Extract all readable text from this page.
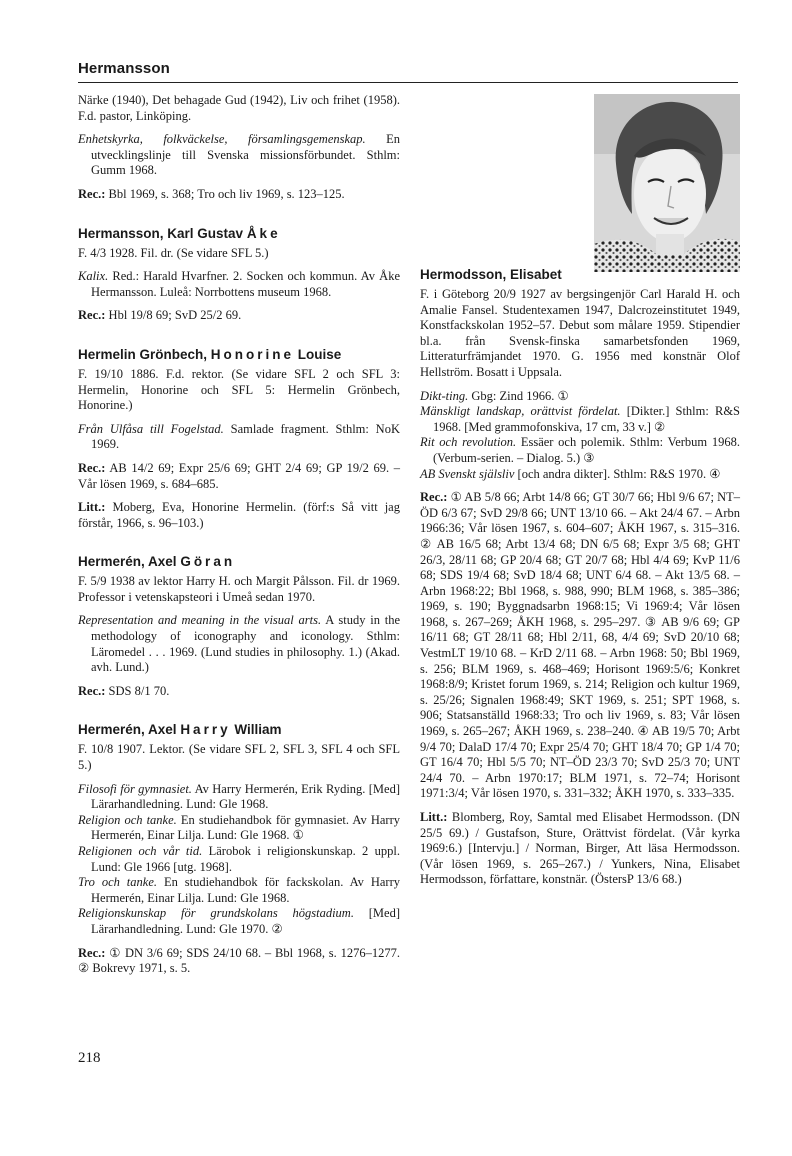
Hermansson

Närke (1940), Det behagade Gud (1942), Liv och frihet (1958). F.d. pastor, Linköping.

Enhetskyrka, folkväckelse, församlingsgemenskap. En utvecklingslinje till Svenska missionsförbundet. Sthlm: Gumm 1968.

Rec.: Bbl 1969, s. 368; Tro och liv 1969, s. 123–125.

Hermansson, Karl Gustav Åke

F. 4/3 1928. Fil. dr. (Se vidare SFL 5.)

Kalix. Red.: Harald Hvarfner. 2. Socken och kommun. Av Åke Hermansson. Luleå: Norrbottens museum 1968.

Rec.: Hbl 19/8 69; SvD 25/2 69.

Hermelin Grönbech, Honorine Louise

F. 19/10 1886. F.d. rektor. (Se vidare SFL 2 och SFL 3: Hermelin, Honorine och SFL 5: Hermelin Grönbech, Honorine.)

Från Ulfåsa till Fogelstad. Samlade fragment. Sthlm: NoK 1969.

Rec.: AB 14/2 69; Expr 25/6 69; GHT 2/4 69; GP 19/2 69. – Vår lösen 1969, s. 684–685.

Litt.: Moberg, Eva, Honorine Hermelin. (förf:s Så vitt jag förstår, 1966, s. 96–103.)

Hermerén, Axel Göran

F. 5/9 1938 av lektor Harry H. och Margit Pålsson. Fil. dr 1969. Professor i vetenskapsteori i Umeå sedan 1970.

Representation and meaning in the visual arts. A study in the methodology of iconography and iconology. Sthlm: Läromedel . . . 1969. (Lund studies in philosophy. 1.) (Akad. avh. Lund.)

Rec.: SDS 8/1 70.

Hermerén, Axel Harry William

F. 10/8 1907. Lektor. (Se vidare SFL 2, SFL 3, SFL 4 och SFL 5.)

Filosofi för gymnasiet. Av Harry Hermerén, Erik Ryding. [Med] Lärarhandledning. Lund: Gle 1968.

Religion och tanke. En studiehandbok för gymnasiet. Av Harry Hermerén, Einar Lilja. Lund: Gle 1968. ①

Religionen och vår tid. Lärobok i religionskunskap. 2 uppl. Lund: Gle 1966 [utg. 1968].

Tro och tanke. En studiehandbok för fackskolan. Av Harry Hermerén, Einar Lilja. Lund: Gle 1968.

Religionskunskap för grundskolans högstadium. [Med] Lärarhandledning. Lund: Gle 1970. ②

Rec.: ① DN 3/6 69; SDS 24/10 68. – Bbl 1968, s. 1276–1277. ② Bokrevy 1971, s. 5.

Hermodsson, Elisabet

F. i Göteborg 20/9 1927 av bergsingenjör Carl Harald H. och Amalie Fansel. Studentexamen 1947, Dalcrozeinstitutet 1949, Konstfackskolan 1952–57. Debut som målare 1959. Stipendier bl.a. från Svensk-finska samarbetsfonden 1969, Litteraturfrämjandet 1970. G. 1956 med konstnär Olof Hellström. Bosatt i Uppsala.

Dikt-ting. Gbg: Zind 1966. ①

Mänskligt landskap, orättvist fördelat. [Dikter.] Sthlm: R&S 1968. [Med grammofonskiva, 17 cm, 33 v.] ②

Rit och revolution. Essäer och polemik. Sthlm: Verbum 1968. (Verbum-serien. – Dialog. 5.) ③

AB Svenskt själsliv [och andra dikter]. Sthlm: R&S 1970. ④

Rec.: ① AB 5/8 66; Arbt 14/8 66; GT 30/7 66; Hbl 9/6 67; NT–ÖD 6/3 67; SvD 29/8 66; UNT 13/10 66. – Akt 24/4 67. – Arbn 1966:36; Vår lösen 1967, s. 604–607; ÅKH 1967, s. 315–316. ② AB 16/5 68; Arbt 13/4 68; DN 6/5 68; Expr 3/5 68; GHT 26/3, 28/11 68; GP 20/4 68; GT 20/7 68; Hbl 4/4 69; KvP 11/6 68; SDS 19/4 68; SvD 18/4 68; UNT 6/4 68. – Akt 13/5 68. – Arbn 1968:22; Bbl 1968, s. 988, 990; BLM 1968, s. 385–386; 1969, s. 190; Byggnadsarbn 1968:15; Vi 1969:4; Vår lösen 1968, s. 267–269; ÅKH 1968, s. 295–297. ③ AB 9/6 69; GP 16/11 68; GT 28/11 68; Hbl 2/11, 68, 4/4 69; SvD 20/10 68; VestmLT 19/10 68. – KrD 2/11 68. – Arbn 1968: 50; Bbl 1969, s. 256; BLM 1969, s. 468–469; Horisont 1969:5/6; Konkret 1968:8/9; Kristet forum 1969, s. 214; Religion och kultur 1969, s. 25/26; Signalen 1968:49; SKT 1969, s. 251; SPT 1968, s. 906; Statsanställd 1968:33; Tro och liv 1969, s. 83; Vår lösen 1969, s. 265–267; ÅKH 1969, s. 238–240. ④ AB 19/5 70; Arbt 9/4 70; DalaD 17/4 70; Expr 25/4 70; GHT 18/4 70; GP 1/4 70; GT 16/4 70; Hbl 5/5 70; NT–ÖD 23/3 70; SvD 25/3 70; UNT 24/4 70. – Arbn 1970:17; BLM 1971, s. 72–74; Horisont 1971:3/4; Vår lösen 1970, s. 331–332; ÅKH 1970, s. 333–335.

Litt.: Blomberg, Roy, Samtal med Elisabet Hermodsson. (DN 25/5 69.) / Gustafson, Sture, Orättvist fördelat. (Vår kyrka 1969:6.) [Intervju.] / Norman, Birger, Att läsa Hermodsson. (Vår lösen 1969, s. 265–267.) / Yunkers, Nina, Elisabet Hermodsson, författare, konstnär. (ÖstersP 13/6 68.)

218
